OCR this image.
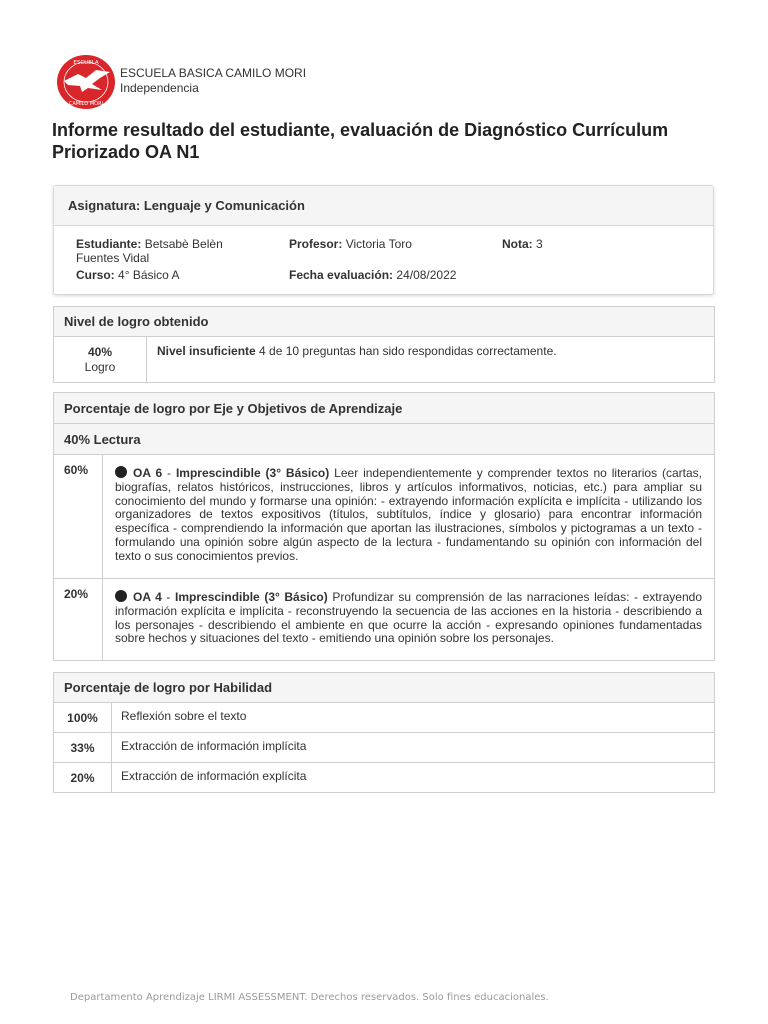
ESCUELA
CAMILO MORI
ESCUELA BASICA CAMILO MORI
Independencia
Informe resultado del estudiante, evaluación de Diagnóstico Currículum Priorizado OA N1
Asignatura: Lenguaje y Comunicación
Estudiante: Betsabè Belèn Fuentes Vidal
Curso: 4° Básico A
Profesor: Victoria Toro
Fecha evaluación: 24/08/2022
Nota: 3
Nivel de logro obtenido

40%
Logro
	Nivel insuficiente 4 de 10 preguntas han sido respondidas correctamente.
Porcentaje de logro por Eje y Objetivos de Aprendizaje	
40% Lectura	
60%	OA 6 - Imprescindible (3° Básico) Leer independientemente y comprender textos no literarios (cartas, biografías, relatos históricos, instrucciones, libros y artículos informativos, noticias, etc.) para ampliar su conocimiento del mundo y formarse una opinión: - extrayendo información explícita e implícita - utilizando los organizadores de textos expositivos (títulos, subtítulos, índice y glosario) para encontrar información específica - comprendiendo la información que aportan las ilustraciones, símbolos y pictogramas a un texto - formulando una opinión sobre algún aspecto de la lectura - fundamentando su opinión con información del texto o sus conocimientos previos.
20%	OA 4 - Imprescindible (3° Básico) Profundizar su comprensión de las narraciones leídas: - extrayendo información explícita e implícita - reconstruyendo la secuencia de las acciones en la historia - describiendo a los personajes - describiendo el ambiente en que ocurre la acción - expresando opiniones fundamentadas sobre hechos y situaciones del texto - emitiendo una opinión sobre los personajes.
Porcentaje de logro por Habilidad	
100%	Reflexión sobre el texto
33%	Extracción de información implícita
20%	Extracción de información explícita
Departamento Aprendizaje LIRMI ASSESSMENT. Derechos reservados. Solo fines educacionales.
